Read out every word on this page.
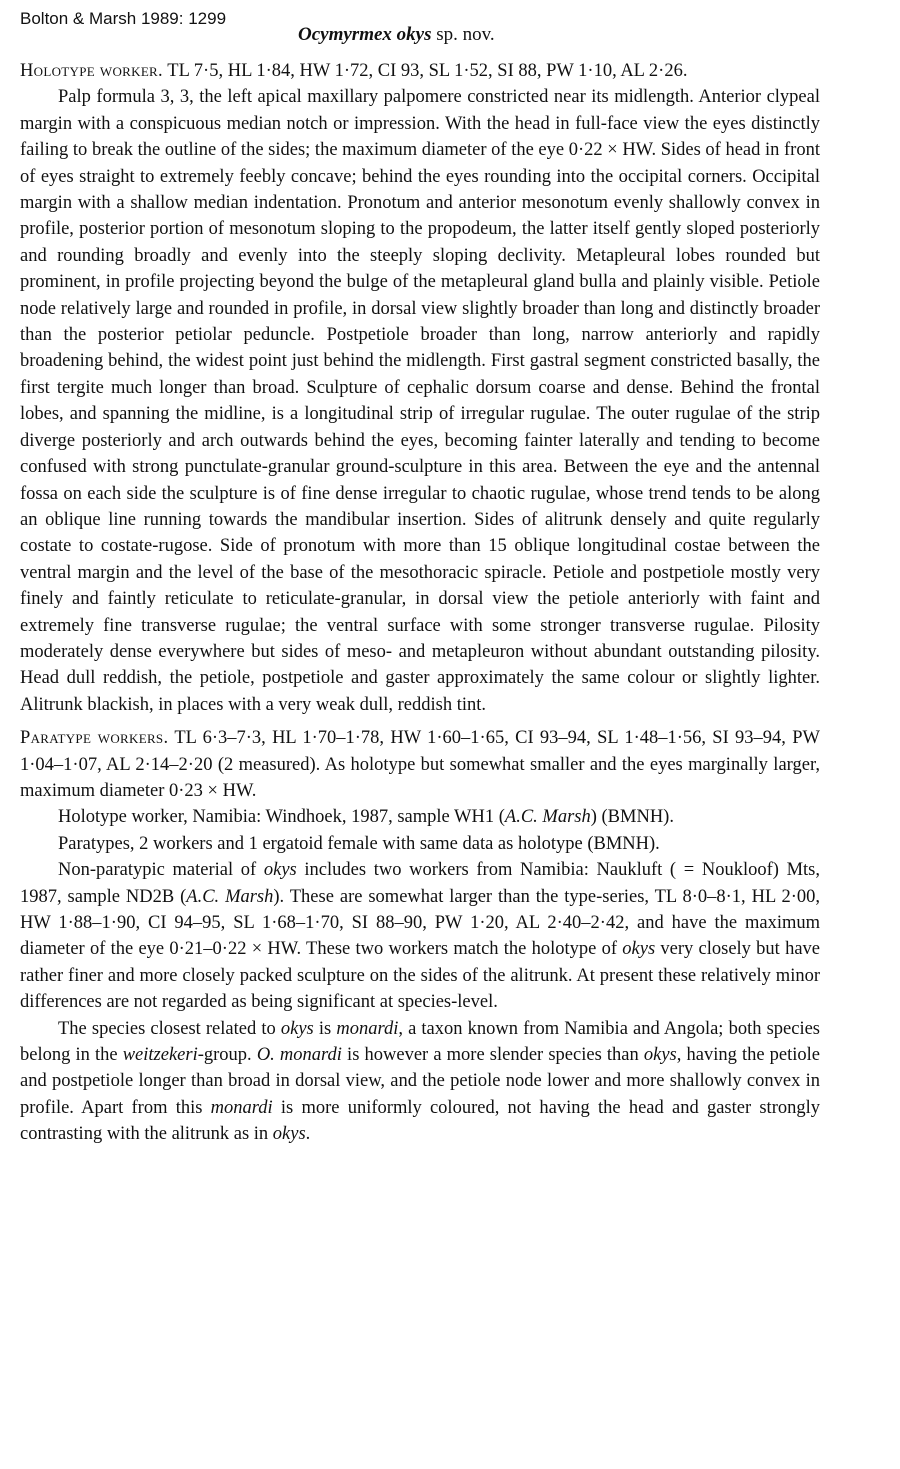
Bolton & Marsh 1989: 1299
Ocymyrmex okys sp. nov.

Holotype worker. TL 7·5, HL 1·84, HW 1·72, CI 93, SL 1·52, SI 88, PW 1·10, AL 2·26.

Palp formula 3, 3, the left apical maxillary palpomere constricted near its midlength. Anterior clypeal margin with a conspicuous median notch or impression. With the head in full-face view the eyes distinctly failing to break the outline of the sides; the maximum diameter of the eye 0·22 × HW. Sides of head in front of eyes straight to extremely feebly concave; behind the eyes rounding into the occipital corners. Occipital margin with a shallow median indentation. Pronotum and anterior mesonotum evenly shallowly convex in profile, posterior portion of mesonotum sloping to the propodeum, the latter itself gently sloped posteriorly and rounding broadly and evenly into the steeply sloping declivity. Metapleural lobes rounded but prominent, in profile projecting beyond the bulge of the metapleural gland bulla and plainly visible. Petiole node relatively large and rounded in profile, in dorsal view slightly broader than long and distinctly broader than the posterior petiolar peduncle. Postpetiole broader than long, narrow anteriorly and rapidly broadening behind, the widest point just behind the midlength. First gastral segment constricted basally, the first tergite much longer than broad. Sculpture of cephalic dorsum coarse and dense. Behind the frontal lobes, and spanning the midline, is a longitudinal strip of irregular rugulae. The outer rugulae of the strip diverge posteriorly and arch outwards behind the eyes, becoming fainter laterally and tending to become confused with strong punctulate-granular ground-sculpture in this area. Between the eye and the antennal fossa on each side the sculpture is of fine dense irregular to chaotic rugulae, whose trend tends to be along an oblique line running towards the mandibular insertion. Sides of alitrunk densely and quite regularly costate to costate-rugose. Side of pronotum with more than 15 oblique longitudinal costae between the ventral margin and the level of the base of the mesothoracic spiracle. Petiole and postpetiole mostly very finely and faintly reticulate to reticulate-granular, in dorsal view the petiole anteriorly with faint and extremely fine transverse rugulae; the ventral surface with some stronger transverse rugulae. Pilosity moderately dense everywhere but sides of meso- and metapleuron without abundant outstanding pilosity. Head dull reddish, the petiole, postpetiole and gaster approximately the same colour or slightly lighter. Alitrunk blackish, in places with a very weak dull, reddish tint.

Paratype workers. TL 6·3–7·3, HL 1·70–1·78, HW 1·60–1·65, CI 93–94, SL 1·48–1·56, SI 93–94, PW 1·04–1·07, AL 2·14–2·20 (2 measured). As holotype but somewhat smaller and the eyes marginally larger, maximum diameter 0·23 × HW.

Holotype worker, Namibia: Windhoek, 1987, sample WH1 (A.C. Marsh) (BMNH).

Paratypes, 2 workers and 1 ergatoid female with same data as holotype (BMNH).

Non-paratypic material of okys includes two workers from Namibia: Naukluft ( = Noukloof) Mts, 1987, sample ND2B (A.C. Marsh). These are somewhat larger than the type-series, TL 8·0–8·1, HL 2·00, HW 1·88–1·90, CI 94–95, SL 1·68–1·70, SI 88–90, PW 1·20, AL 2·40–2·42, and have the maximum diameter of the eye 0·21–0·22 × HW. These two workers match the holotype of okys very closely but have rather finer and more closely packed sculpture on the sides of the alitrunk. At present these relatively minor differences are not regarded as being significant at species-level.

The species closest related to okys is monardi, a taxon known from Namibia and Angola; both species belong in the weitzekeri-group. O. monardi is however a more slender species than okys, having the petiole and postpetiole longer than broad in dorsal view, and the petiole node lower and more shallowly convex in profile. Apart from this monardi is more uniformly coloured, not having the head and gaster strongly contrasting with the alitrunk as in okys.
